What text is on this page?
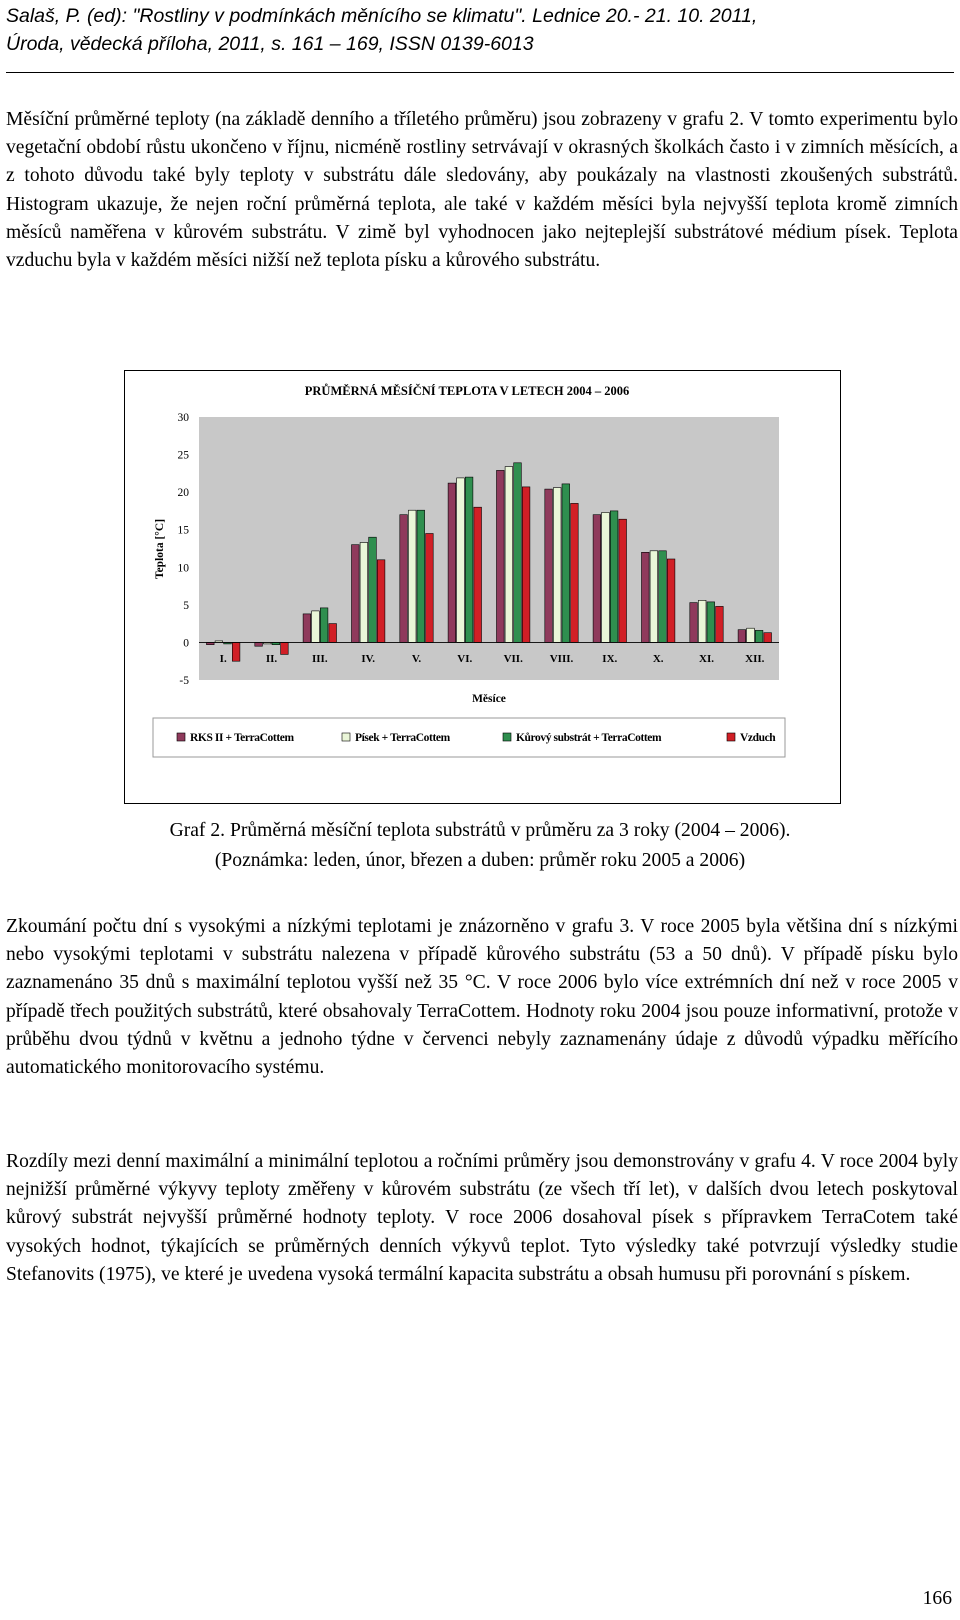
Salaš, P. (ed): "Rostliny v podmínkách měnícího se klimatu". Lednice 20.- 21. 10. 2011,
Úroda, vědecká příloha, 2011, s. 161 – 169, ISSN 0139-6013

Měsíční průměrné teploty (na základě denního a tříletého průměru) jsou zobrazeny v grafu 2. V tomto experimentu bylo vegetační období růstu ukončeno v říjnu, nicméně rostliny setrvávají v okrasných školkách často i v zimních měsících, a z tohoto důvodu také byly teploty v substrátu dále sledovány, aby poukázaly na vlastnosti zkoušených substrátů. Histogram ukazuje, že nejen roční průměrná teplota, ale také v každém měsíci byla nejvyšší teplota kromě zimních měsíců naměřena v kůrovém substrátu. V zimě byl vyhodnocen jako nejteplejší substrátové médium písek. Teplota vzduchu byla v každém měsíci nižší než teplota písku a kůrového substrátu.

PRŮMĚRNÁ MĚSÍČNÍ TEPLOTA V LETECH 2004 – 2006
30
25
20
15
10
5
0
-5
Teplota [°C]
I.	II.	III.	IV.	V.	VI.	VII. VIII.	IX.	X.	XI.	XII.
Měsíce
RKS II + TerraCottem	Písek + TerraCottem	Kůrový substrát + TerraCottem	Vzduch
Graf 2. Průměrná měsíční teplota substrátů v průměru za 3 roky (2004 – 2006).
(Poznámka: leden, únor, březen a duben: průměr roku 2005 a 2006)

Zkoumání počtu dní s vysokými a nízkými teplotami je znázorněno v grafu 3. V roce 2005 byla většina dní s nízkými nebo vysokými teplotami v substrátu nalezena v případě kůrového substrátu (53 a 50 dnů). V případě písku bylo zaznamenáno 35 dnů s maximální teplotou vyšší než 35 °C. V roce 2006 bylo více extrémních dní než v roce 2005 v případě třech použitých substrátů, které obsahovaly TerraCottem. Hodnoty roku 2004 jsou pouze informativní, protože v průběhu dvou týdnů v květnu a jednoho týdne v červenci nebyly zaznamenány údaje z důvodů výpadku měřícího automatického monitorovacího systému.

Rozdíly mezi denní maximální a minimální teplotou a ročními průměry jsou demonstrovány v grafu 4. V roce 2004 byly nejnižší průměrné výkyvy teploty změřeny v kůrovém substrátu (ze všech tří let), v dalších dvou letech poskytoval kůrový substrát nejvyšší průměrné hodnoty teploty. V roce 2006 dosahoval písek s přípravkem TerraCotem také vysokých hodnot, týkajících se průměrných denních výkyvů teplot. Tyto výsledky také potvrzují výsledky studie Stefanovits (1975), ve které je uvedena vysoká termální kapacita substrátu a obsah humusu při porovnání s pískem.

166
